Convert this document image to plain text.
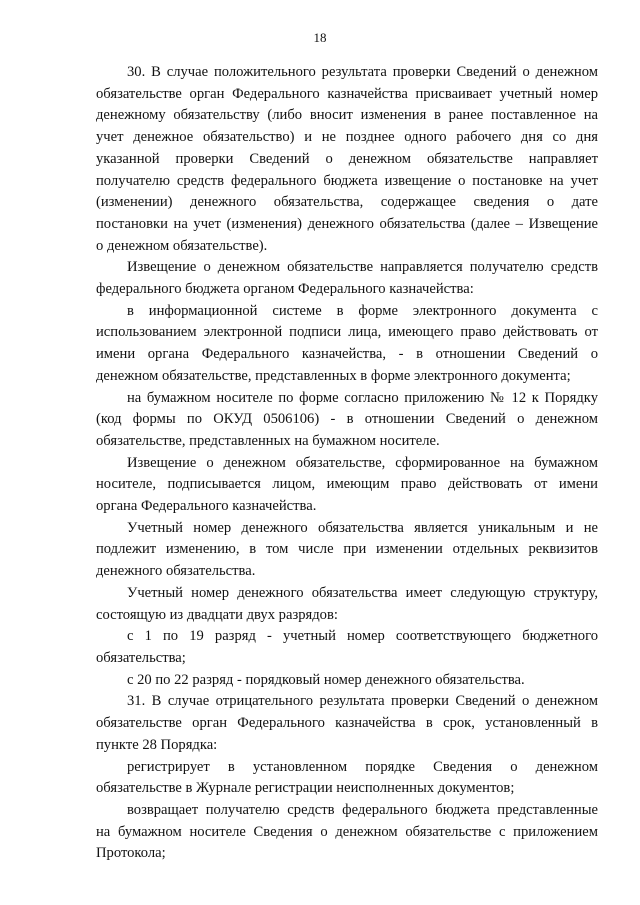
18
30. В случае положительного результата проверки Сведений о денежном
обязательстве орган Федерального казначейства присваивает учетный номер
денежному обязательству (либо вносит изменения в ранее поставленное на
учет денежное обязательство) и не позднее одного рабочего дня со дня
указанной проверки Сведений о денежном обязательстве направляет
получателю средств федерального бюджета извещение о постановке на учет
(изменении) денежного обязательства, содержащее сведения о дате
постановки на учет (изменения) денежного обязательства (далее – Извещение
о денежном обязательстве).
Извещение о денежном обязательстве направляется получателю средств
федерального бюджета органом Федерального казначейства:
в информационной системе в форме электронного документа с
использованием электронной подписи лица, имеющего право действовать от
имени органа Федерального казначейства, - в отношении Сведений о
денежном обязательстве, представленных в форме электронного документа;
на бумажном носителе по форме согласно приложению № 12 к Порядку
(код формы по ОКУД 0506106) - в отношении Сведений о денежном
обязательстве, представленных на бумажном носителе.
Извещение о денежном обязательстве, сформированное на бумажном
носителе, подписывается лицом, имеющим право действовать от имени
органа Федерального казначейства.
Учетный номер денежного обязательства является уникальным и не
подлежит изменению, в том числе при изменении отдельных реквизитов
денежного обязательства.
Учетный номер денежного обязательства имеет следующую структуру,
состоящую из двадцати двух разрядов:
с 1 по 19 разряд - учетный номер соответствующего бюджетного
обязательства;
с 20 по 22 разряд - порядковый номер денежного обязательства.
31. В случае отрицательного результата проверки Сведений о денежном
обязательстве орган Федерального казначейства в срок, установленный в
пункте 28 Порядка:
регистрирует в установленном порядке Сведения о денежном
обязательстве в Журнале регистрации неисполненных документов;
возвращает получателю средств федерального бюджета представленные
на бумажном носителе Сведения о денежном обязательстве с приложением
Протокола;
